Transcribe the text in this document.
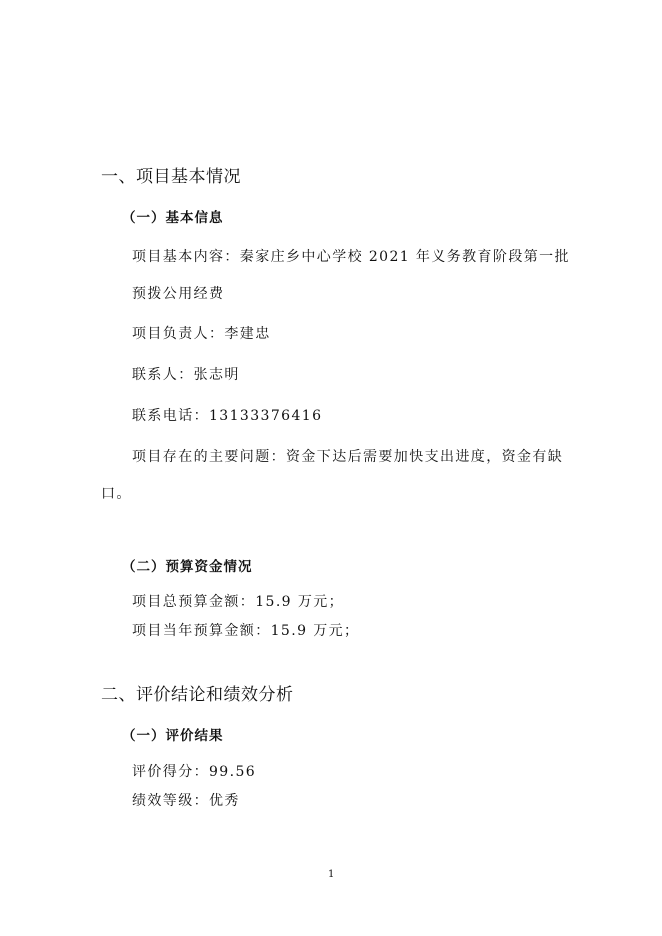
一、项目基本情况
（一）基本信息
项目基本内容：秦家庄乡中心学校 2021 年义务教育阶段第一批
预拨公用经费
项目负责人：李建忠
联系人：张志明
联系电话：13133376416
项目存在的主要问题：资金下达后需要加快支出进度，资金有缺
口。
（二）预算资金情况
项目总预算金额：15.9 万元；
项目当年预算金额：15.9 万元；
二、评价结论和绩效分析
（一）评价结果
评价得分：99.56
绩效等级：优秀
1
